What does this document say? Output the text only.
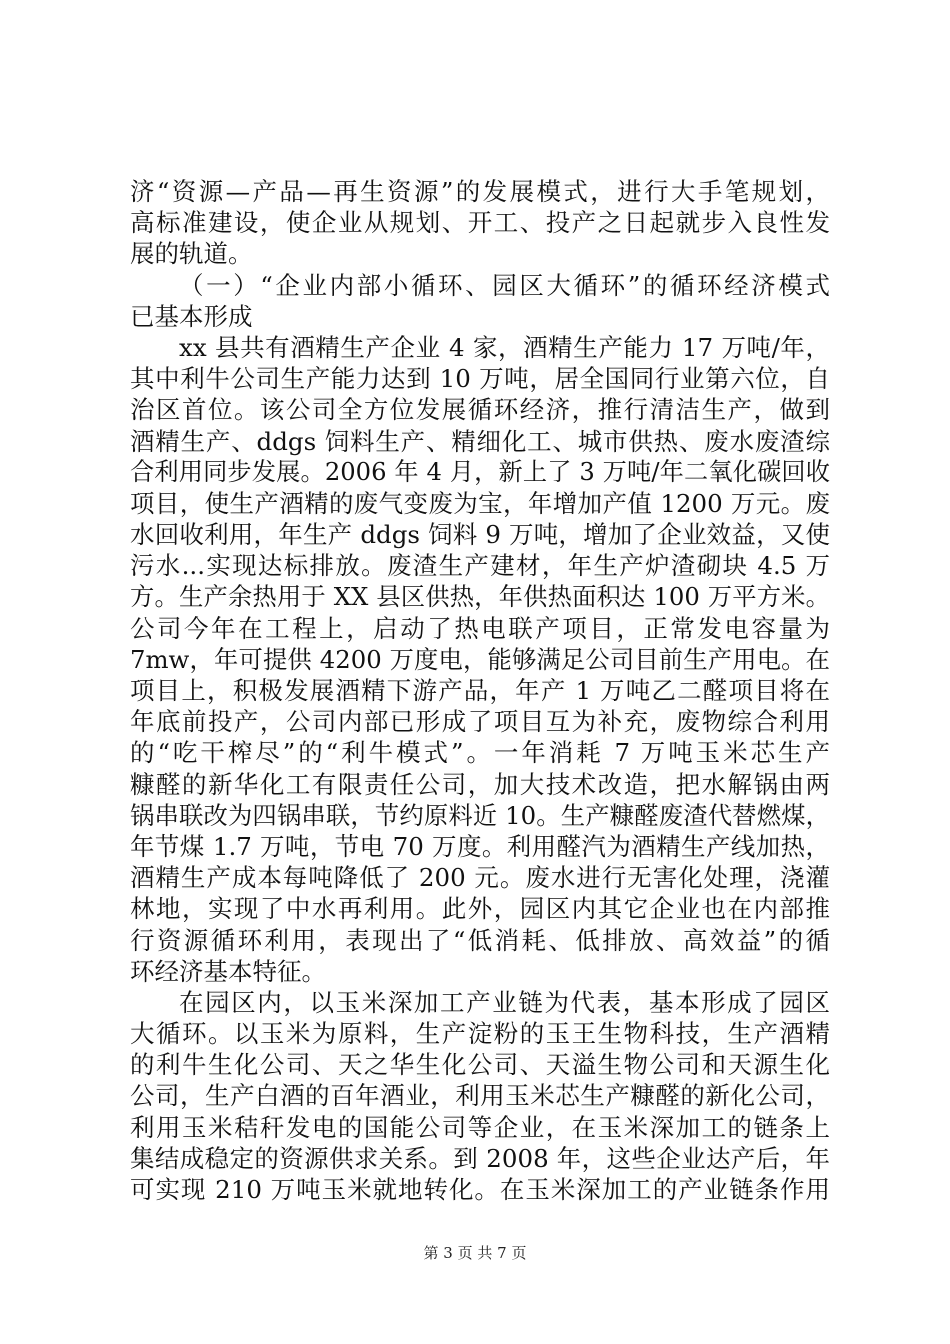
济“资源—产品—再生资源”的发展模式，进行大手笔规划，
高标准建设，使企业从规划、开工、投产之日起就步入良性发
展的轨道。
（一）“企业内部小循环、园区大循环”的循环经济模式
已基本形成
xx 县共有酒精生产企业 4 家，酒精生产能力 17 万吨/年，
其中利牛公司生产能力达到 10 万吨，居全国同行业第六位，自
治区首位。该公司全方位发展循环经济，推行清洁生产，做到
酒精生产、ddgs 饲料生产、精细化工、城市供热、废水废渣综
合利用同步发展。2006 年 4 月，新上了 3 万吨/年二氧化碳回收
项目，使生产酒精的废气变废为宝，年增加产值 1200 万元。废
水回收利用，年生产 ddgs 饲料 9 万吨，增加了企业效益，又使
污水...实现达标排放。废渣生产建材，年生产炉渣砌块 4.5 万
方。生产余热用于 XX 县区供热，年供热面积达 100 万平方米。
公司今年在工程上，启动了热电联产项目，正常发电容量为
7mw，年可提供 4200 万度电，能够满足公司目前生产用电。在
项目上，积极发展酒精下游产品，年产 1 万吨乙二醛项目将在
年底前投产，公司内部已形成了项目互为补充，废物综合利用
的“吃干榨尽”的“利牛模式”。一年消耗 7 万吨玉米芯生产
糠醛的新华化工有限责任公司，加大技术改造，把水解锅由两
锅串联改为四锅串联，节约原料近 10。生产糠醛废渣代替燃煤，
年节煤 1.7 万吨，节电 70 万度。利用醛汽为酒精生产线加热，
酒精生产成本每吨降低了 200 元。废水进行无害化处理，浇灌
林地，实现了中水再利用。此外，园区内其它企业也在内部推
行资源循环利用，表现出了“低消耗、低排放、高效益”的循
环经济基本特征。
在园区内，以玉米深加工产业链为代表，基本形成了园区
大循环。以玉米为原料，生产淀粉的玉王生物科技，生产酒精
的利牛生化公司、天之华生化公司、天溢生物公司和天源生化
公司，生产白酒的百年酒业，利用玉米芯生产糠醛的新化公司，
利用玉米秸秆发电的国能公司等企业，在玉米深加工的链条上
集结成稳定的资源供求关系。到 2008 年，这些企业达产后，年
可实现 210 万吨玉米就地转化。在玉米深加工的产业链条作用
第 3 页 共 7 页
